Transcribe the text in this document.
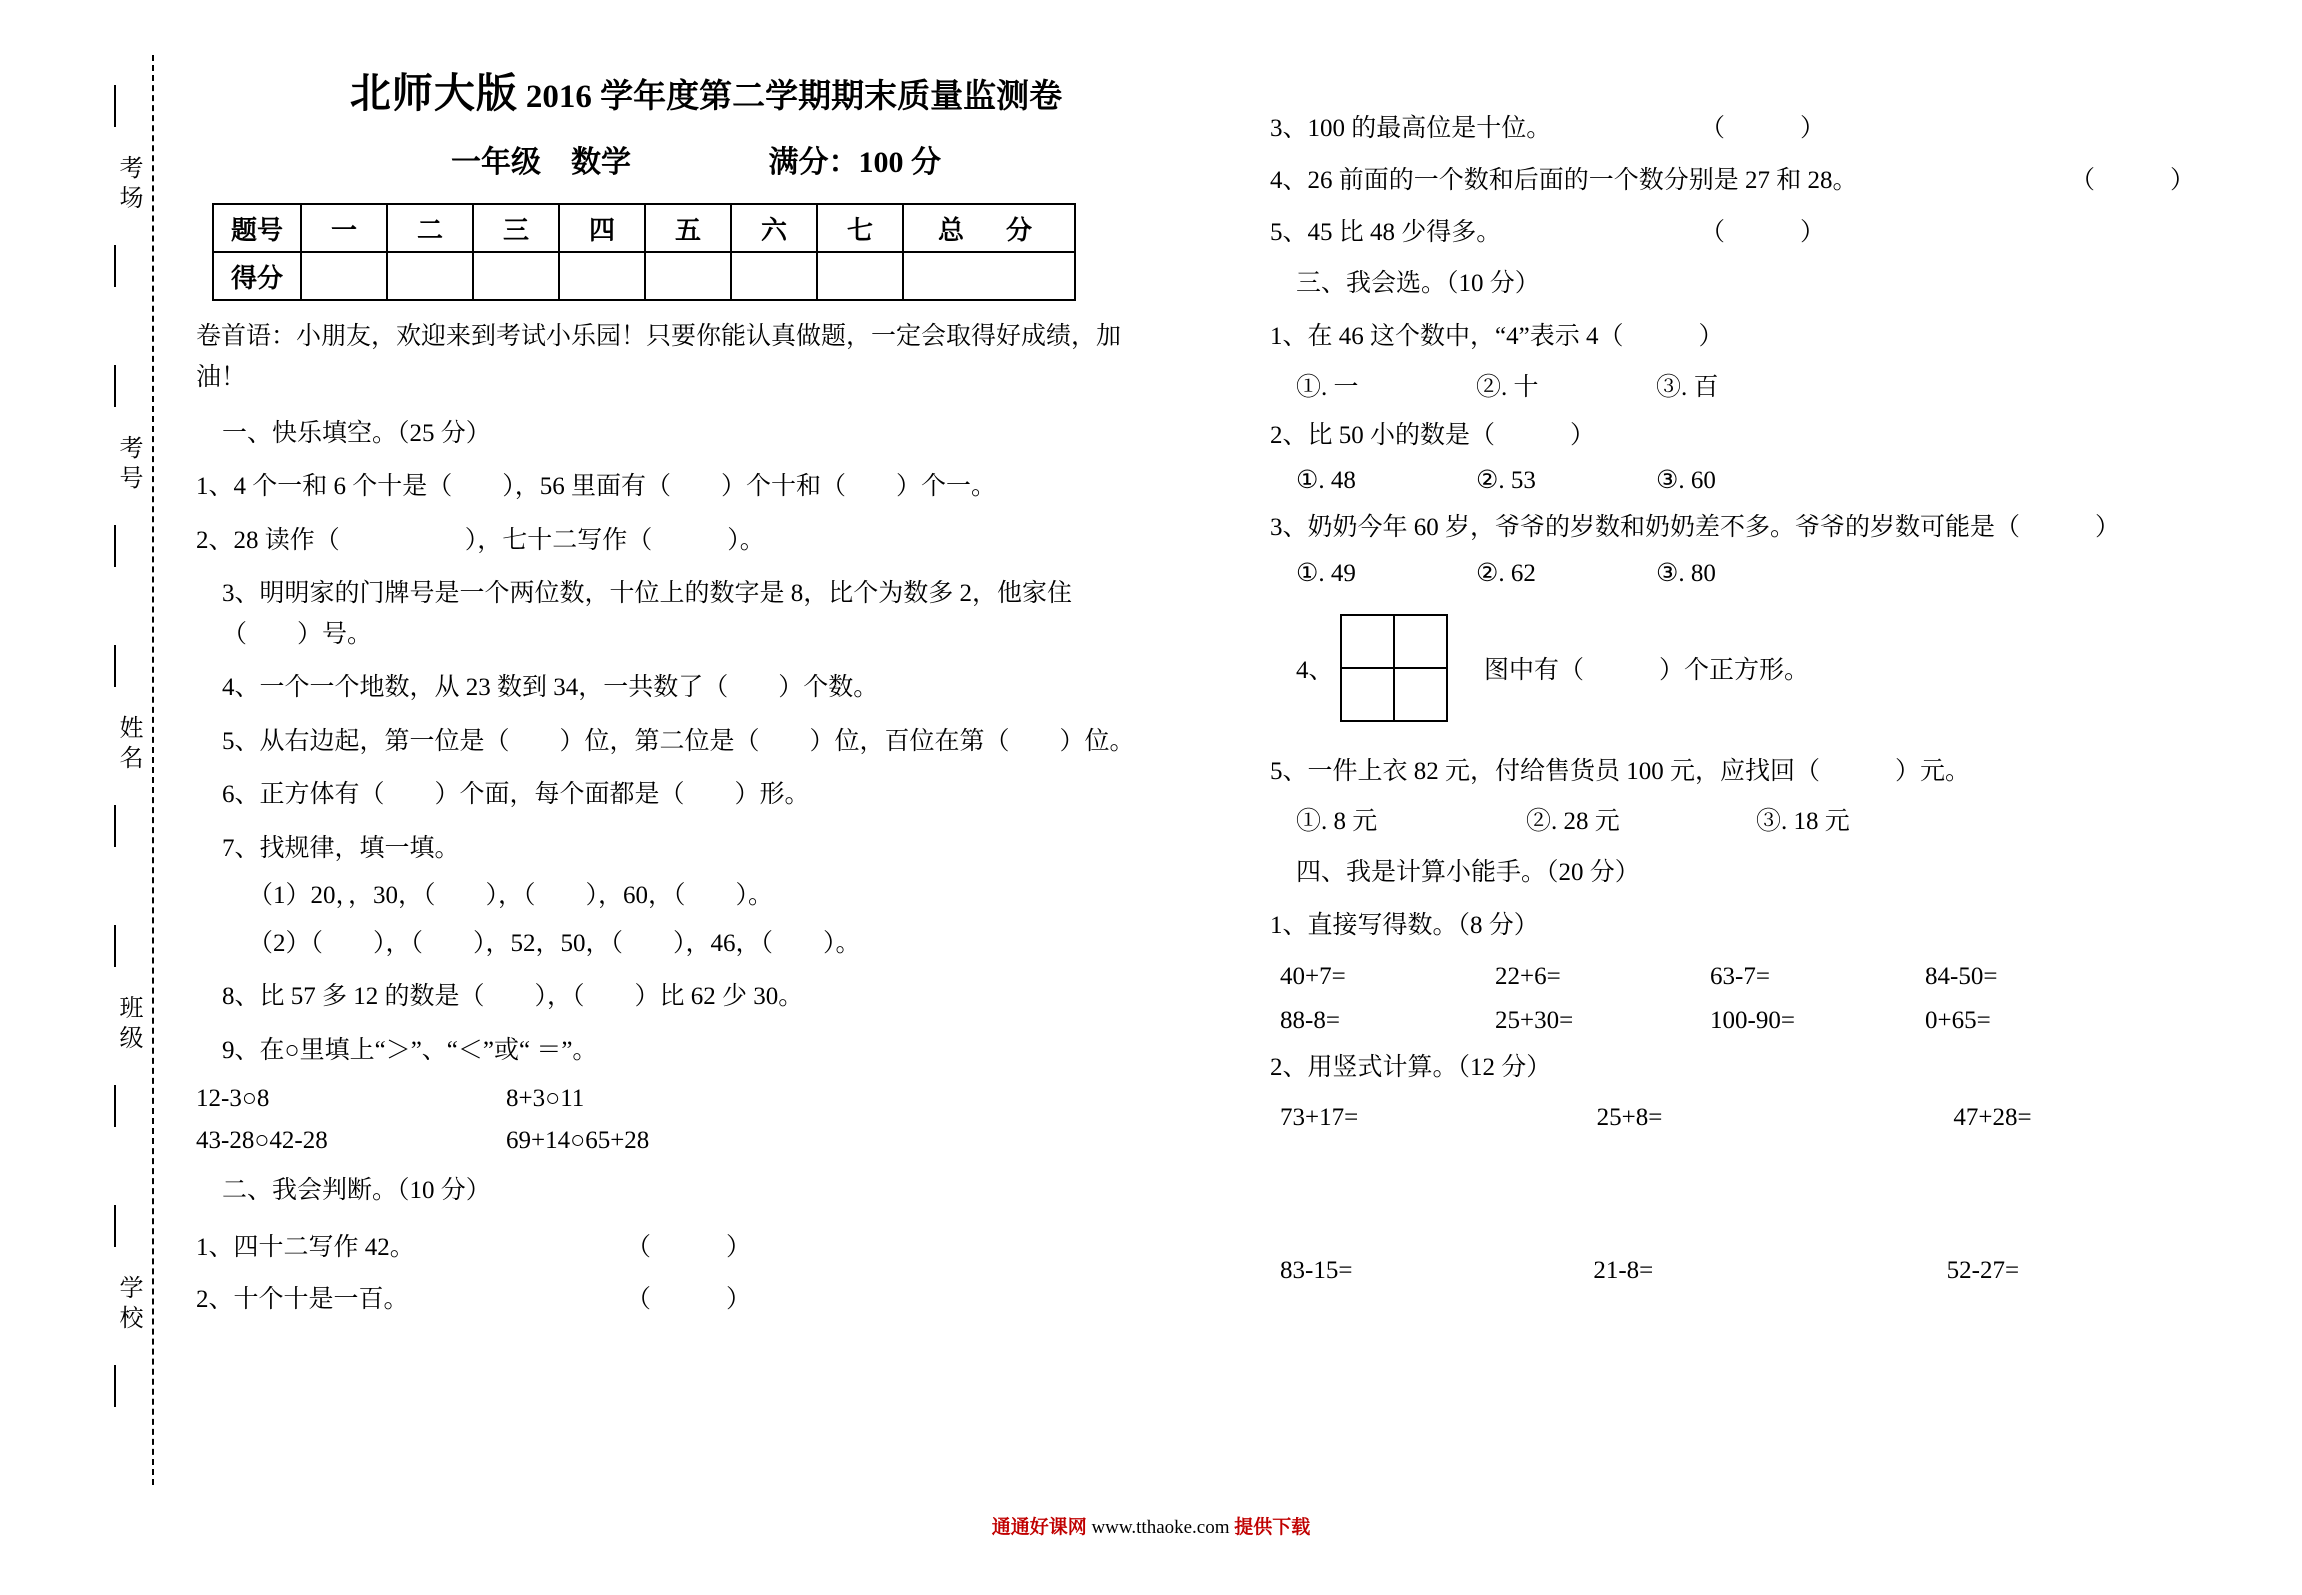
考场
考号
姓名
班级
学校
北师大版 2016 学年度第二学期期末质量监测卷
一年级　数学	满分：100 分
题号	一	二	三	四	五	六	七	总　分
得分								
卷首语：小朋友，欢迎来到考试小乐园！只要你能认真做题，一定会取得好成绩，加油！
一、快乐填空。（25 分）
1、4 个一和 6 个十是（　　），56 里面有（　　）个十和（　　）个一。
2、28 读作（　　　　　），七十二写作（　　　）。
3、明明家的门牌号是一个两位数，十位上的数字是 8，比个为数多 2，他家住（　　）号。
4、一个一个地数，从 23 数到 34，一共数了（　　）个数。
5、从右边起，第一位是（　　）位，第二位是（　　）位，百位在第（　　）位。
6、正方体有（　　）个面，每个面都是（　　）形。
7、找规律，填一填。
（1）20，，30，（　　），（　　），60，（　　）。
（2）（　　），（　　），52，50，（　　），46，（　　）。
8、比 57 多 12 的数是（　　），（　　）比 62 少 30。
9、在○里填上“＞”、“＜”或“ ＝”。
12-3○8	8+3○11
43-28○42-28	69+14○65+28
二、我会判断。（10 分）
1、四十二写作 42。	（　　　）
2、十个十是一百。	（　　　）
3、100 的最高位是十位。	（　　　）
4、26 前面的一个数和后面的一个数分别是 27 和 28。	（　　　）
5、45 比 48 少得多。	（　　　）
三、我会选。（10 分）
1、在 46 这个数中，“4”表示 4（　　　）
①. 一	②. 十	③. 百
2、比 50 小的数是（　　　）
①. 48	②. 53	③. 60
3、奶奶今年 60 岁，爷爷的岁数和奶奶差不多。爷爷的岁数可能是（　　　）
①. 49	②. 62	③. 80
4、	图中有（　　　）个正方形。
5、一件上衣 82 元，付给售货员 100 元，应找回（　　　）元。
①. 8 元	②. 28 元	③. 18 元
四、我是计算小能手。（20 分）
1、直接写得数。（8 分）
40+7=	22+6=	63-7=	84-50=
88-8=	25+30=	100-90=	0+65=
2、用竖式计算。（12 分）
73+17=	25+8=	47+28=
83-15=	21-8=	52-27=
通通好课网 www.tthaoke.com 提供下载
